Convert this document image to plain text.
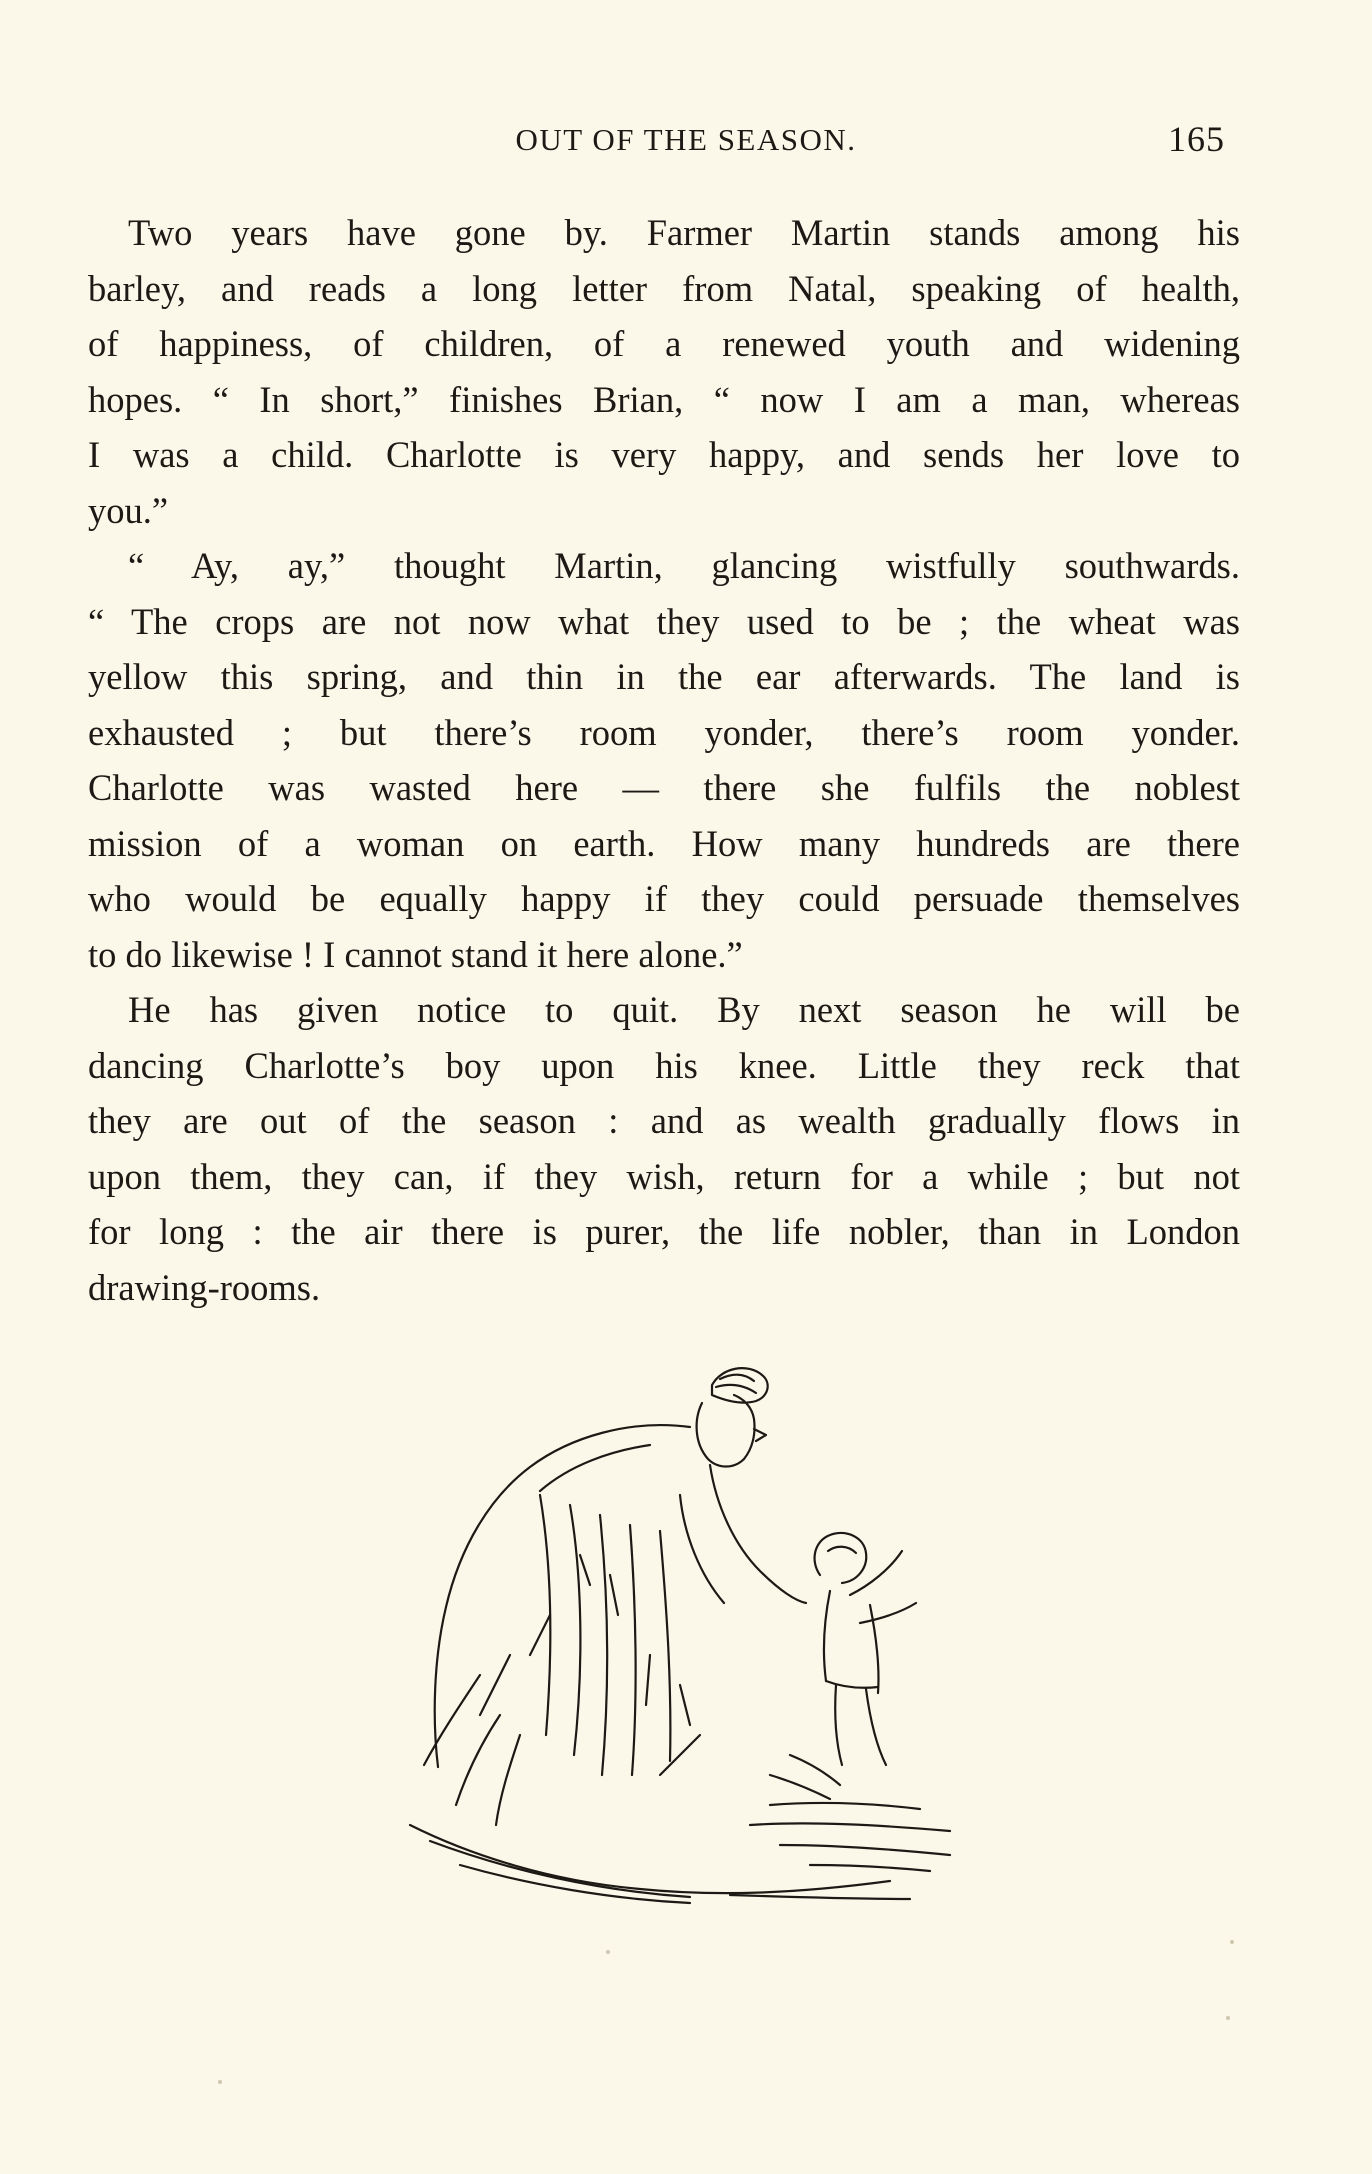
OUT OF THE SEASON.	165
Two years have gone by. Farmer Martin stands among his
barley, and reads a long letter from Natal, speaking of health,
of happiness, of children, of a renewed youth and widening
hopes. “ In short,” finishes Brian, “ now I am a man, whereas
I was a child. Charlotte is very happy, and sends her love to
you.”
“ Ay, ay,” thought Martin, glancing wistfully southwards.
“ The crops are not now what they used to be ; the wheat was
yellow this spring, and thin in the ear afterwards. The land is
exhausted ; but there’s room yonder, there’s room yonder.
Charlotte was wasted here — there she fulfils the noblest
mission of a woman on earth. How many hundreds are there
who would be equally happy if they could persuade themselves
to do likewise ! I cannot stand it here alone.”
He has given notice to quit. By next season he will be
dancing Charlotte’s boy upon his knee. Little they reck that
they are out of the season : and as wealth gradually flows in
upon them, they can, if they wish, return for a while ; but not
for long : the air there is purer, the life nobler, than in London
drawing-rooms.
